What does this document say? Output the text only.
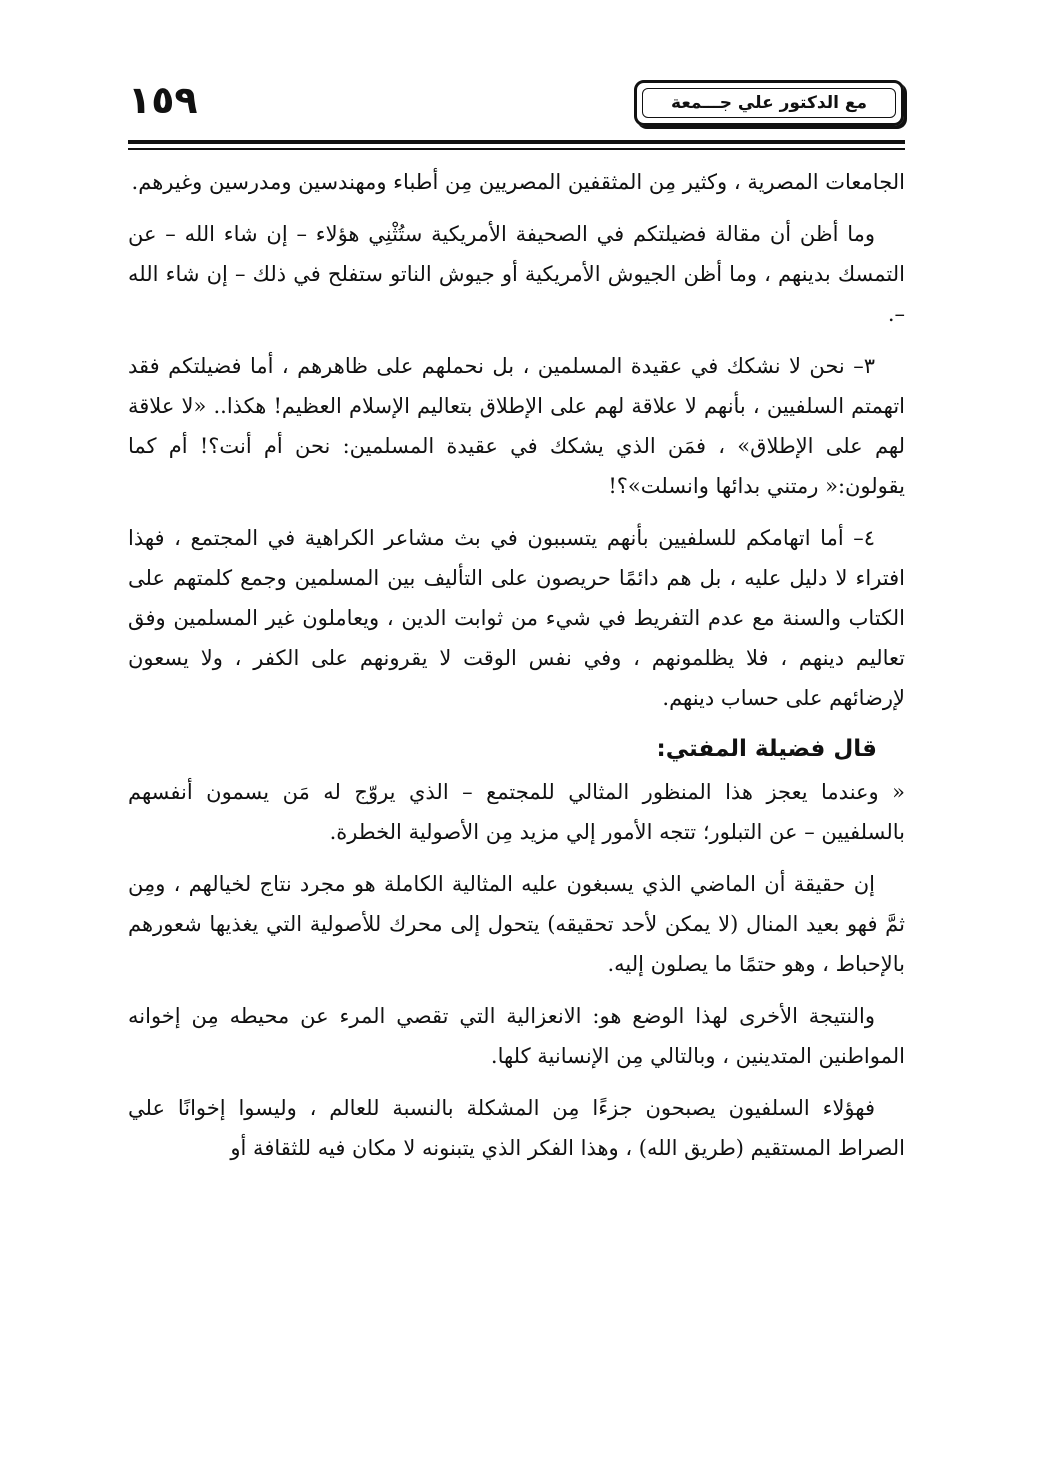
١٥٩	مع الدكتور علي جـــمعة

الجامعات المصرية ، وكثير مِن المثقفين المصريين مِن أطباء ومهندسين ومدرسين وغيرهم.

وما أظن أن مقالة فضيلتكم في الصحيفة الأمريكية ستُثْنِي هؤلاء – إن شاء الله – عن التمسك بدينهم ، وما أظن الجيوش الأمريكية أو جيوش الناتو ستفلح في ذلك – إن شاء الله –.

٣– نحن لا نشكك في عقيدة المسلمين ، بل نحملهم على ظاهرهم ، أما فضيلتكم فقد اتهمتم السلفيين ، بأنهم لا علاقة لهم على الإطلاق بتعاليم الإسلام العظيم! هكذا.. «لا علاقة لهم على الإطلاق» ، فمَن الذي يشكك في عقيدة المسلمين: نحن أم أنت؟! أم كما يقولون:« رمتني بدائها وانسلت»؟!

٤– أما اتهامكم للسلفيين بأنهم يتسببون في بث مشاعر الكراهية في المجتمع ، فهذا افتراء لا دليل عليه ، بل هم دائمًا حريصون على التأليف بين المسلمين وجمع كلمتهم على الكتاب والسنة مع عدم التفريط في شيء من ثوابت الدين ، ويعاملون غير المسلمين وفق تعاليم دينهم ، فلا يظلمونهم ، وفي نفس الوقت لا يقرونهم على الكفر ، ولا يسعون لإرضائهم على حساب دينهم.

قال فضيلة المفتي:

« وعندما يعجز هذا المنظور المثالي للمجتمع – الذي يروّج له مَن يسمون أنفسهم بالسلفيين – عن التبلور؛ تتجه الأمور إلي مزيد مِن الأصولية الخطرة.

إن حقيقة أن الماضي الذي يسبغون عليه المثالية الكاملة هو مجرد نتاج لخيالهم ، ومِن ثمَّ فهو بعيد المنال (لا يمكن لأحد تحقيقه) يتحول إلى محرك للأصولية التي يغذيها شعورهم بالإحباط ، وهو حتمًا ما يصلون إليه.

والنتيجة الأخرى لهذا الوضع هو: الانعزالية التي تقصي المرء عن محيطه مِن إخوانه المواطنين المتدينين ، وبالتالي مِن الإنسانية كلها.

فهؤلاء السلفيون يصبحون جزءًا مِن المشكلة بالنسبة للعالم ، وليسوا إخوانًا علي الصراط المستقيم (طريق الله) ، وهذا الفكر الذي يتبنونه لا مكان فيه للثقافة أو
